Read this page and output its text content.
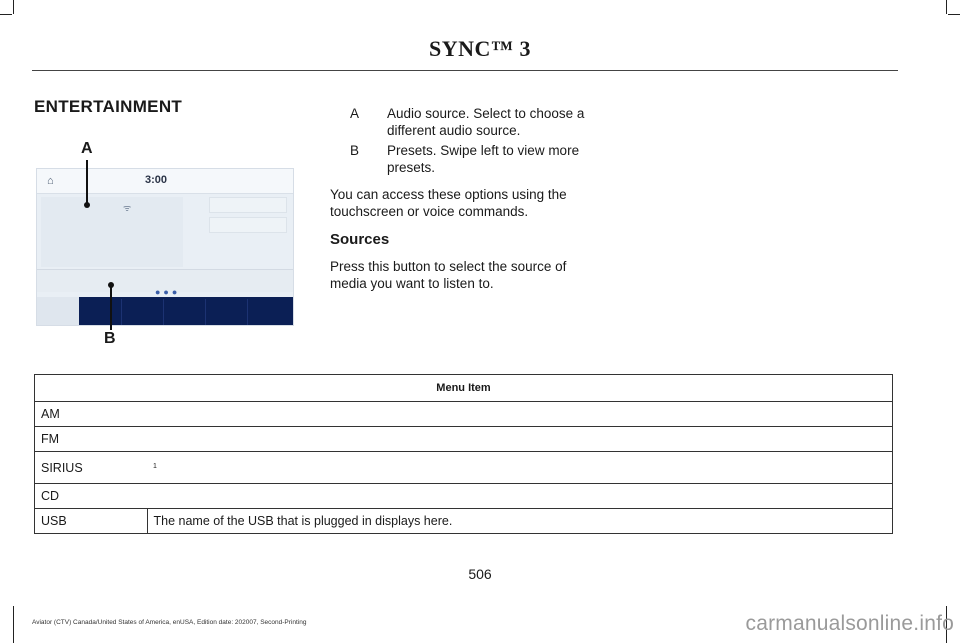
SYNC™ 3
ENTERTAINMENT
⌂	3:00
ᯤ
●●●
A
B
A Audio source. Select to choose a different audio source.
B Presets. Swipe left to view more presets.
You can access these options using the touchscreen or voice commands.
Sources
Press this button to select the source of media you want to listen to.
Menu Item	
AM	
FM	
SIRIUS	$^1$
CD	
USB	The name of the USB that is plugged in displays here.
506
Aviator (CTV) Canada/United States of America, enUSA, Edition date: 202007, Second-Printing	carmanualsonline.info
